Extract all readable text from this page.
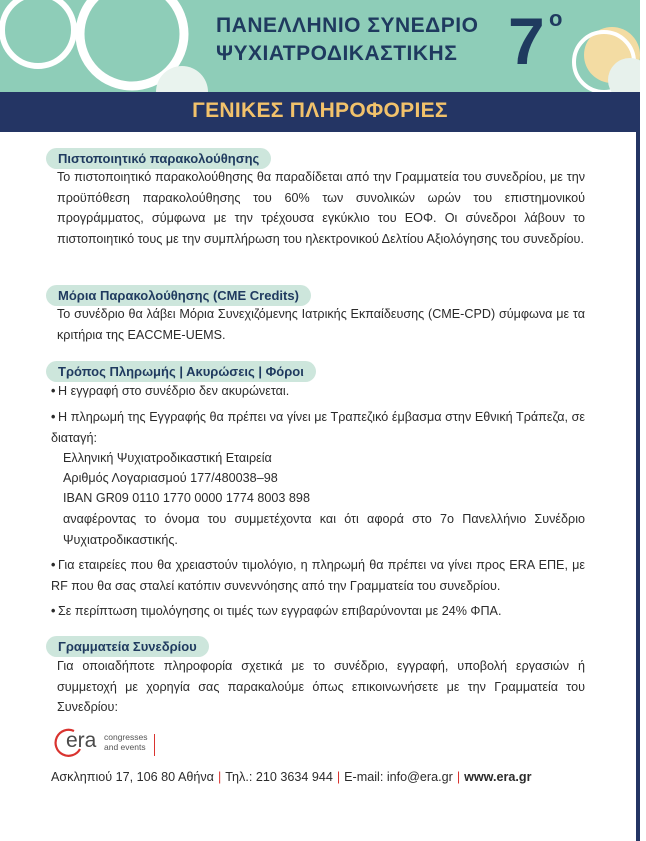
ΠΑΝΕΛΛΗΝΙΟ ΣΥΝΕΔΡΙΟ
ΨΥΧΙΑΤΡΟΔΙΚΑΣΤΙΚΗΣ 7 ο
ΓΕΝΙΚΕΣ ΠΛΗΡΟΦΟΡΙΕΣ
Πιστοποιητικό παρακολούθησης
Το πιστοποιητικό παρακολούθησης θα παραδίδεται από την Γραμματεία του συνεδρίου, με την προϋπόθεση παρακολούθησης του 60% των συνολικών ωρών του επιστημονικού προγράμματος, σύμφωνα με την τρέχουσα εγκύκλιο του ΕΟΦ. Οι σύνεδροι λάβουν το πιστοποιητικό τους με την συμπλήρωση του ηλεκτρονικού Δελτίου Αξιολόγησης του συνεδρίου.
Μόρια Παρακολούθησης (CME Credits)
Το συνέδριο θα λάβει Μόρια Συνεχιζόμενης Ιατρικής Εκπαίδευσης (CME-CPD) σύμφωνα με τα κριτήρια της EACCME-UEMS.
Τρόπος Πληρωμής | Ακυρώσεις | Φόροι
• Η εγγραφή στο συνέδριο δεν ακυρώνεται.
• Η πληρωμή της Εγγραφής θα πρέπει να γίνει με Τραπεζικό έμβασμα στην Εθνική Τράπεζα, σε διαταγή:
Ελληνική Ψυχιατροδικαστική Εταιρεία
Αριθμός Λογαριασμού 177/480038–98
IBAN GR09 0110 1770 0000 1774 8003 898
αναφέροντας το όνομα του συμμετέχοντα και ότι αφορά στο 7ο Πανελλήνιο Συνέδριο Ψυχιατροδικαστικής.
• Για εταιρείες που θα χρειαστούν τιμολόγιο, η πληρωμή θα πρέπει να γίνει προς ERA ΕΠΕ, με RF που θα σας σταλεί κατόπιν συνεννόησης από την Γραμματεία του συνεδρίου.
• Σε περίπτωση τιμολόγησης οι τιμές των εγγραφών επιβαρύνονται με 24% ΦΠΑ.
Γραμματεία Συνεδρίου
Για οποιαδήποτε πληροφορία σχετικά με το συνέδριο, εγγραφή, υποβολή εργασιών ή συμμετοχή με χορηγία σας παρακαλούμε όπως επικοινωνήσετε με την Γραμματεία του Συνεδρίου:
era congresses
and events
Ασκληπιού 17, 106 80 Αθήνα | Τηλ.: 210 3634 944 | E-mail: info@era.gr | www.era.gr
